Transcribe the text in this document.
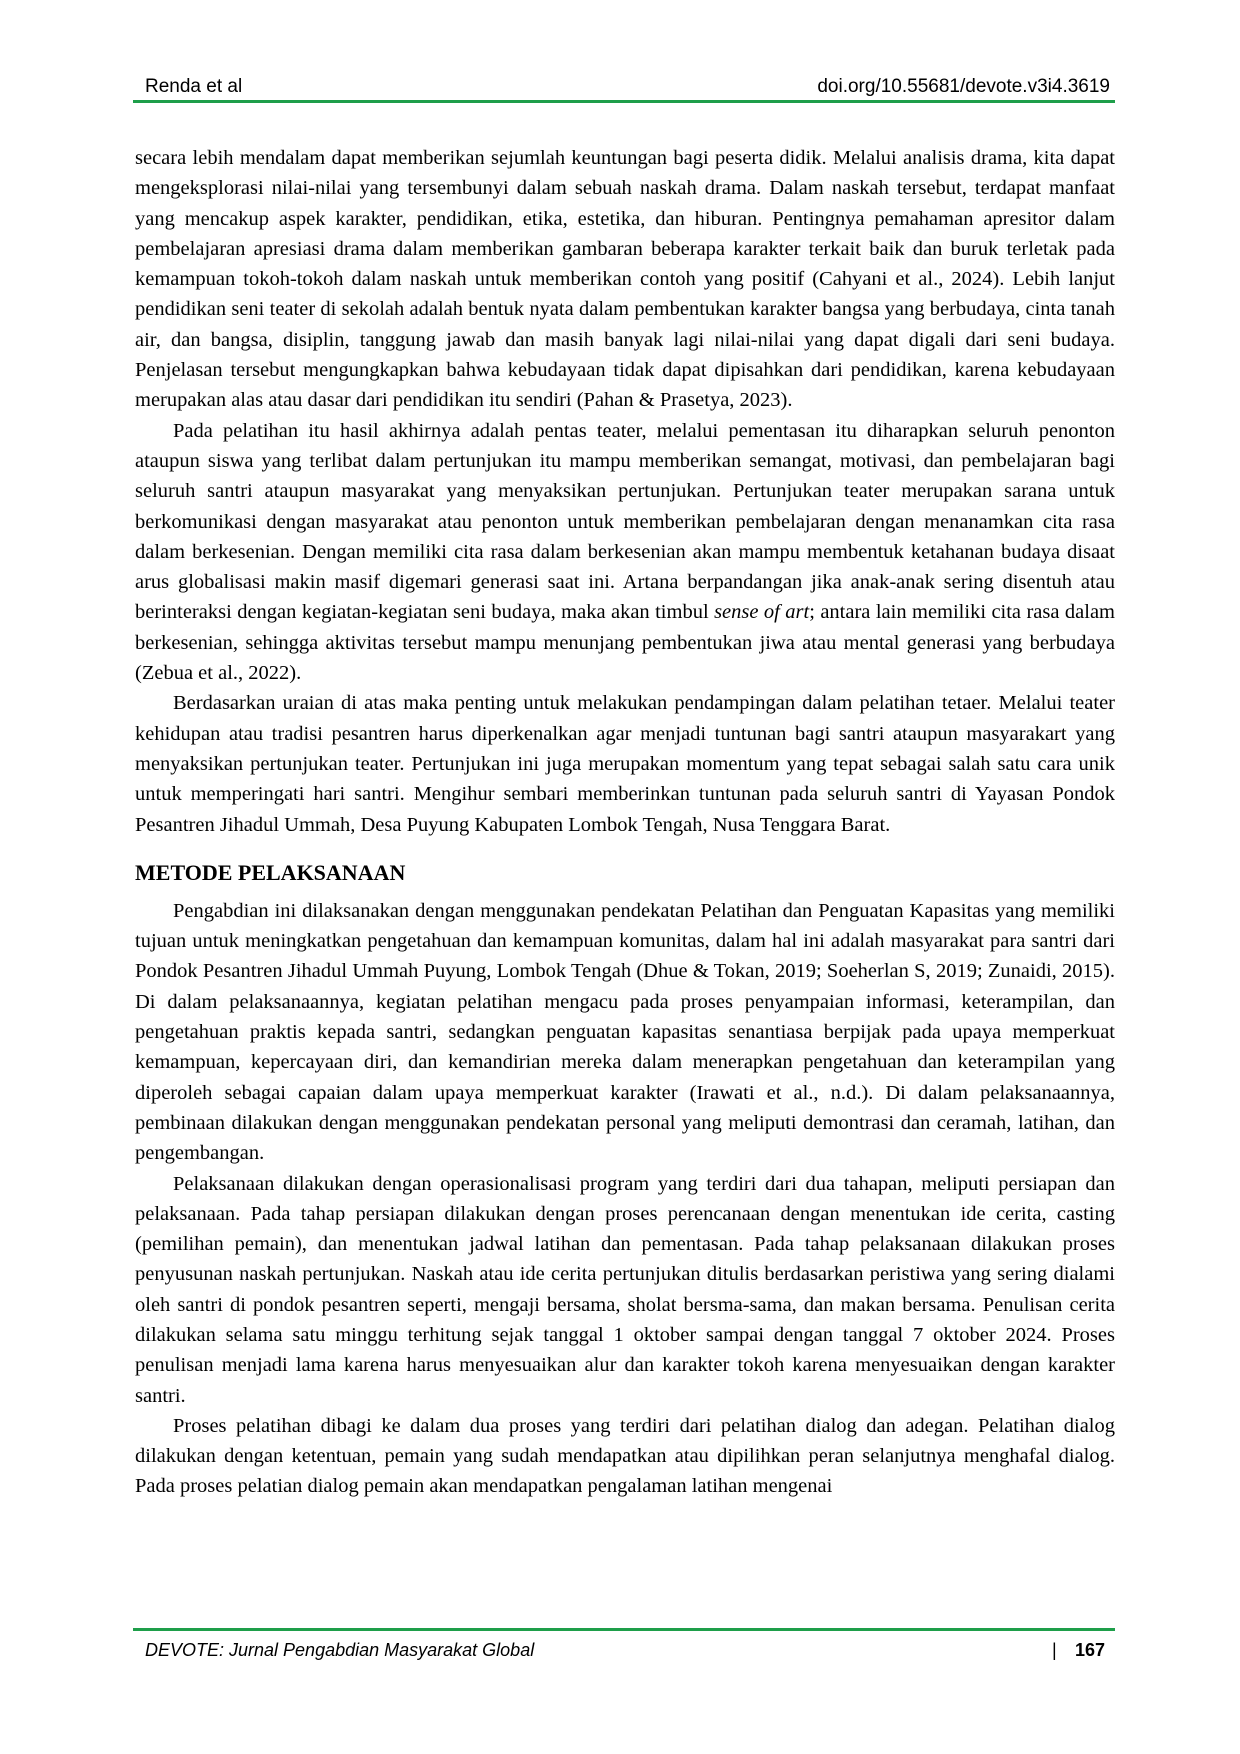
Renda et al	doi.org/10.55681/devote.v3i4.3619

secara lebih mendalam dapat memberikan sejumlah keuntungan bagi peserta didik. Melalui analisis drama, kita dapat mengeksplorasi nilai-nilai yang tersembunyi dalam sebuah naskah drama. Dalam naskah tersebut, terdapat manfaat yang mencakup aspek karakter, pendidikan, etika, estetika, dan hiburan. Pentingnya pemahaman apresitor dalam pembelajaran apresiasi drama dalam memberikan gambaran beberapa karakter terkait baik dan buruk terletak pada kemampuan tokoh-tokoh dalam naskah untuk memberikan contoh yang positif (Cahyani et al., 2024). Lebih lanjut pendidikan seni teater di sekolah adalah bentuk nyata dalam pembentukan karakter bangsa yang berbudaya, cinta tanah air, dan bangsa, disiplin, tanggung jawab dan masih banyak lagi nilai-nilai yang dapat digali dari seni budaya. Penjelasan tersebut mengungkapkan bahwa kebudayaan tidak dapat dipisahkan dari pendidikan, karena kebudayaan merupakan alas atau dasar dari pendidikan itu sendiri (Pahan & Prasetya, 2023).

Pada pelatihan itu hasil akhirnya adalah pentas teater, melalui pementasan itu diharapkan seluruh penonton ataupun siswa yang terlibat dalam pertunjukan itu mampu memberikan semangat, motivasi, dan pembelajaran bagi seluruh santri ataupun masyarakat yang menyaksikan pertunjukan. Pertunjukan teater merupakan sarana untuk berkomunikasi dengan masyarakat atau penonton untuk memberikan pembelajaran dengan menanamkan cita rasa dalam berkesenian. Dengan memiliki cita rasa dalam berkesenian akan mampu membentuk ketahanan budaya disaat arus globalisasi makin masif digemari generasi saat ini. Artana berpandangan jika anak-anak sering disentuh atau berinteraksi dengan kegiatan-kegiatan seni budaya, maka akan timbul sense of art; antara lain memiliki cita rasa dalam berkesenian, sehingga aktivitas tersebut mampu menunjang pembentukan jiwa atau mental generasi yang berbudaya (Zebua et al., 2022).

Berdasarkan uraian di atas maka penting untuk melakukan pendampingan dalam pelatihan tetaer. Melalui teater kehidupan atau tradisi pesantren harus diperkenalkan agar menjadi tuntunan bagi santri ataupun masyarakart yang menyaksikan pertunjukan teater. Pertunjukan ini juga merupakan momentum yang tepat sebagai salah satu cara unik untuk memperingati hari santri. Mengihur sembari memberinkan tuntunan pada seluruh santri di Yayasan Pondok Pesantren Jihadul Ummah, Desa Puyung Kabupaten Lombok Tengah, Nusa Tenggara Barat.

METODE PELAKSANAAN

Pengabdian ini dilaksanakan dengan menggunakan pendekatan Pelatihan dan Penguatan Kapasitas yang memiliki tujuan untuk meningkatkan pengetahuan dan kemampuan komunitas, dalam hal ini adalah masyarakat para santri dari Pondok Pesantren Jihadul Ummah Puyung, Lombok Tengah (Dhue & Tokan, 2019; Soeherlan S, 2019; Zunaidi, 2015). Di dalam pelaksanaannya, kegiatan pelatihan mengacu pada proses penyampaian informasi, keterampilan, dan pengetahuan praktis kepada santri, sedangkan penguatan kapasitas senantiasa berpijak pada upaya memperkuat kemampuan, kepercayaan diri, dan kemandirian mereka dalam menerapkan pengetahuan dan keterampilan yang diperoleh sebagai capaian dalam upaya memperkuat karakter (Irawati et al., n.d.). Di dalam pelaksanaannya, pembinaan dilakukan dengan menggunakan pendekatan personal yang meliputi demontrasi dan ceramah, latihan, dan pengembangan.

Pelaksanaan dilakukan dengan operasionalisasi program yang terdiri dari dua tahapan, meliputi persiapan dan pelaksanaan. Pada tahap persiapan dilakukan dengan proses perencanaan dengan menentukan ide cerita, casting (pemilihan pemain), dan menentukan jadwal latihan dan pementasan. Pada tahap pelaksanaan dilakukan proses penyusunan naskah pertunjukan. Naskah atau ide cerita pertunjukan ditulis berdasarkan peristiwa yang sering dialami oleh santri di pondok pesantren seperti, mengaji bersama, sholat bersma-sama, dan makan bersama. Penulisan cerita dilakukan selama satu minggu terhitung sejak tanggal 1 oktober sampai dengan tanggal 7 oktober 2024. Proses penulisan menjadi lama karena harus menyesuaikan alur dan karakter tokoh karena menyesuaikan dengan karakter santri.

Proses pelatihan dibagi ke dalam dua proses yang terdiri dari pelatihan dialog dan adegan. Pelatihan dialog dilakukan dengan ketentuan, pemain yang sudah mendapatkan atau dipilihkan peran selanjutnya menghafal dialog. Pada proses pelatian dialog pemain akan mendapatkan pengalaman latihan mengenai

DEVOTE: Jurnal Pengabdian Masyarakat Global	| 167
